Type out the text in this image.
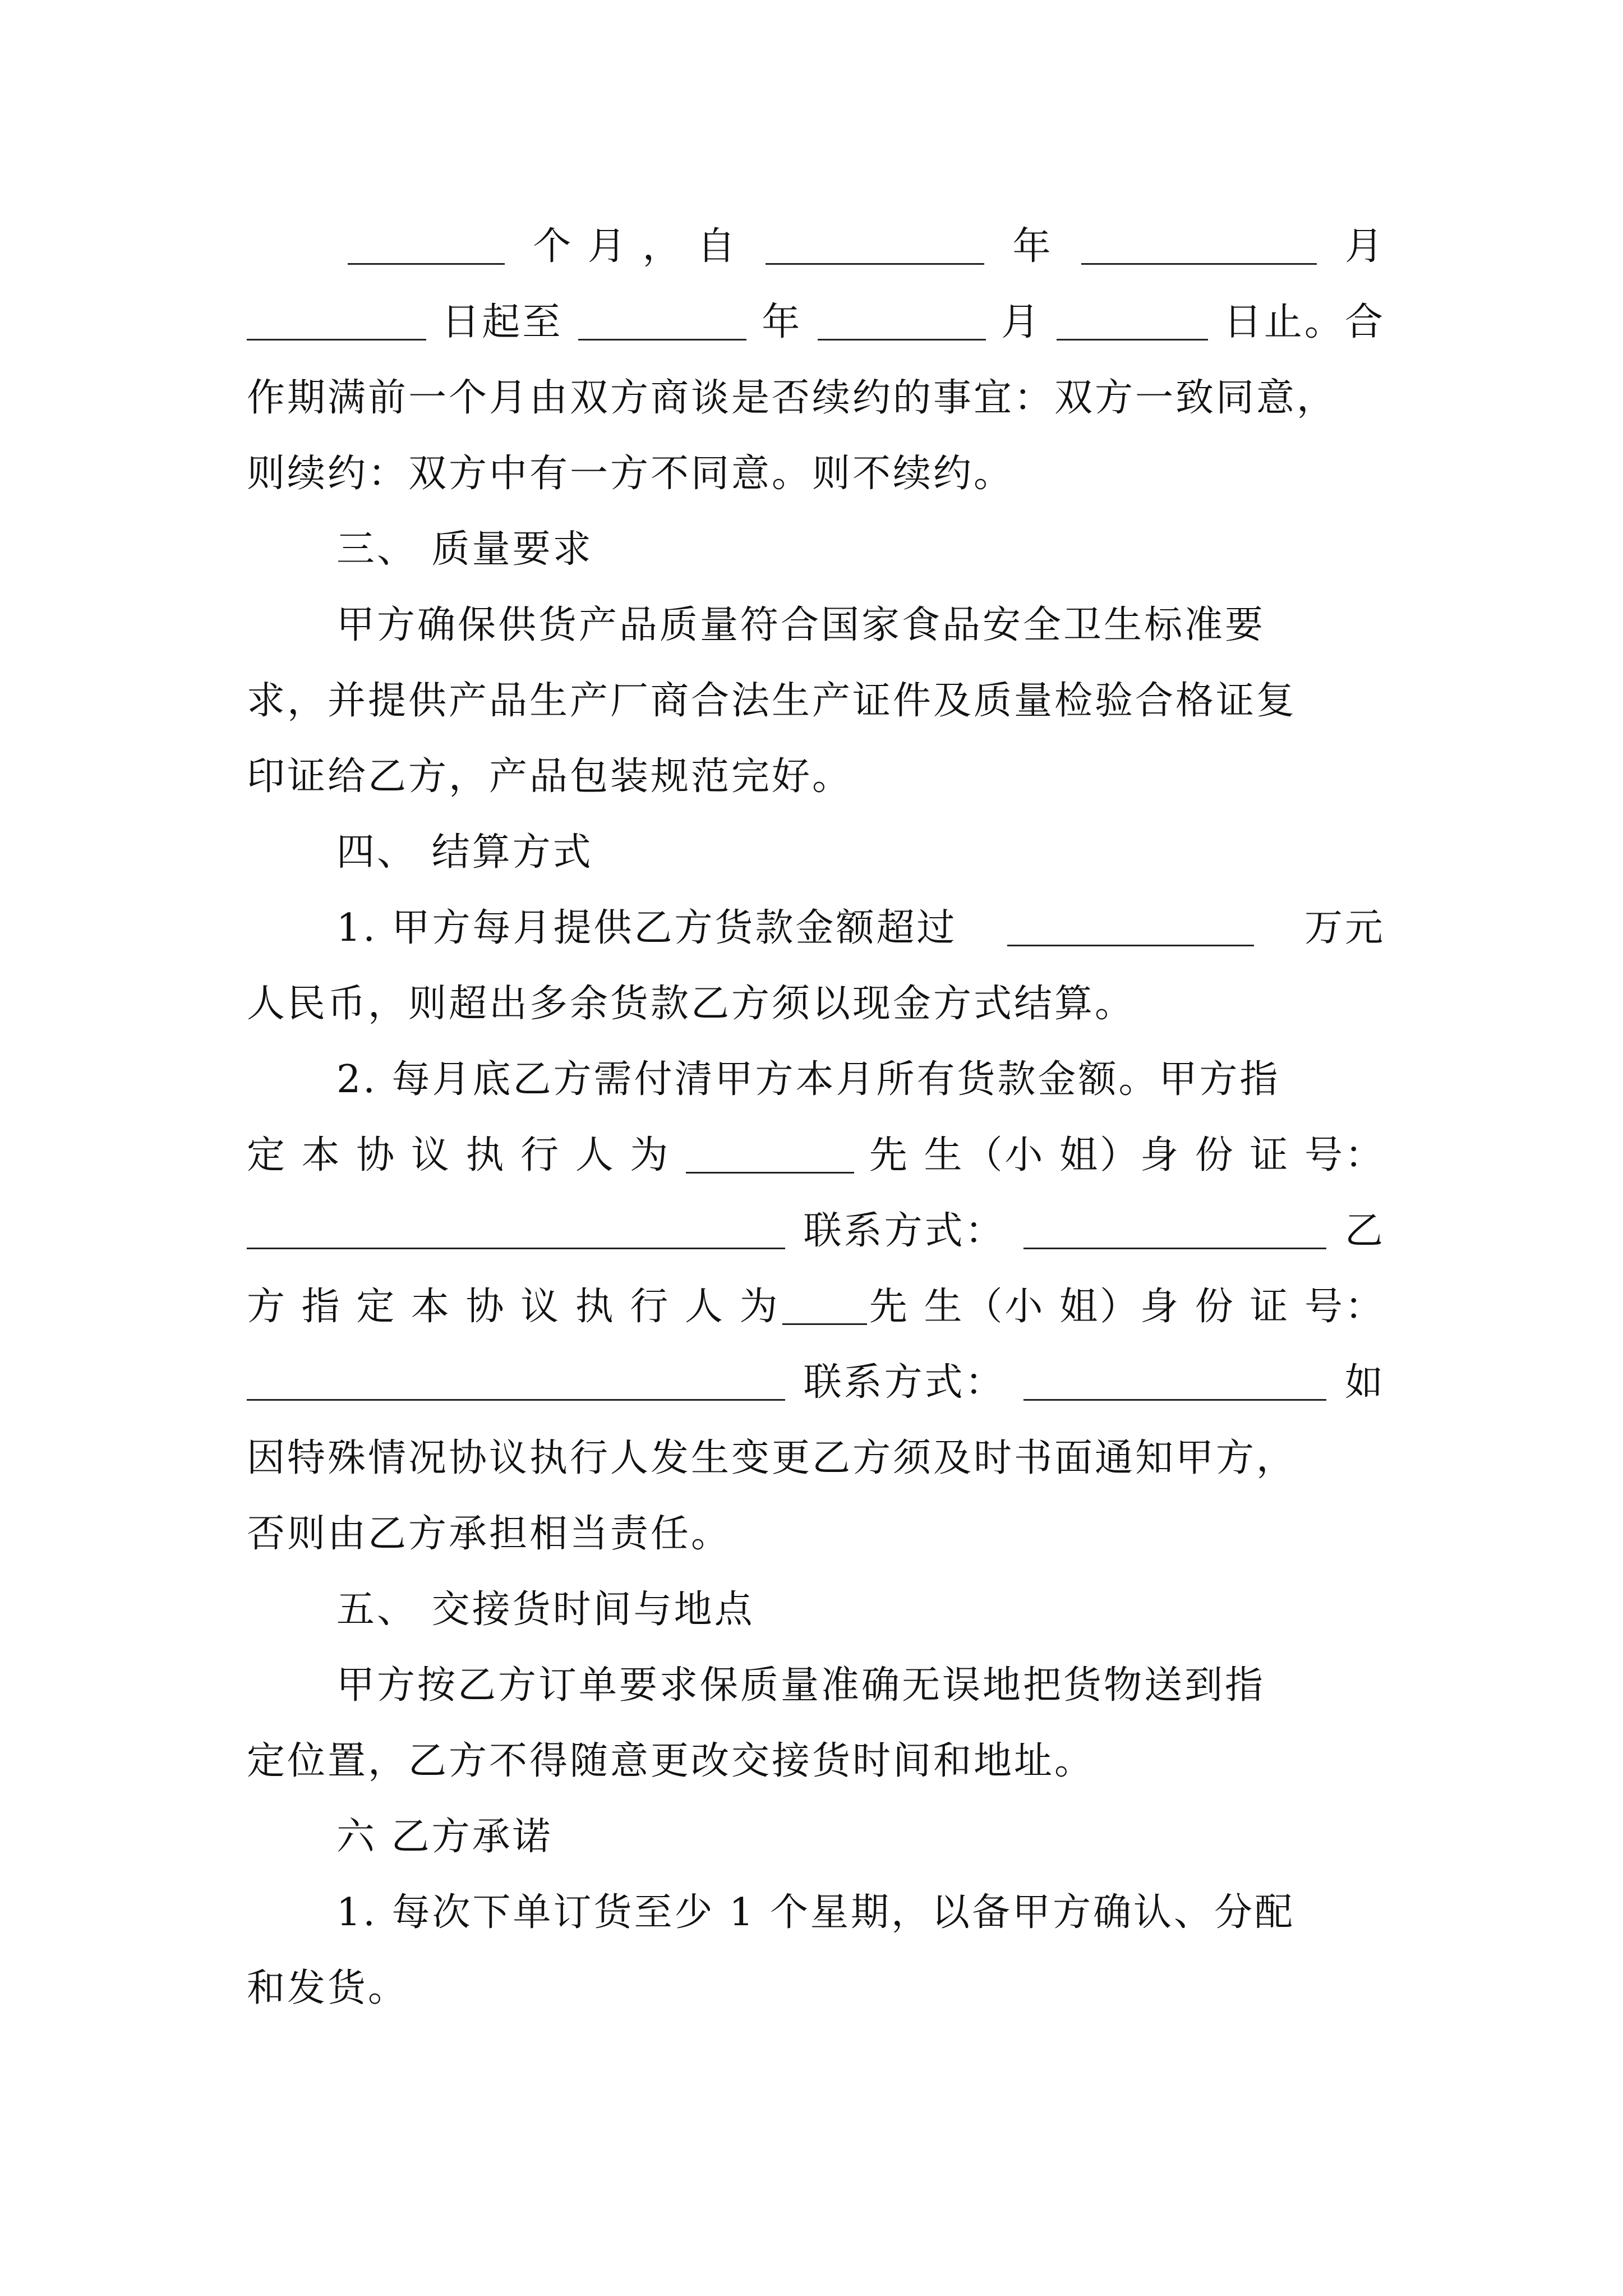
个 月 ， 自	年	月
日起至	年	月	日止。合
作期满前一个月由双方商谈是否续约的事宜：双方一致同意，
则续约：双方中有一方不同意。则不续约。
三、 质量要求
甲方确保供货产品质量符合国家食品安全卫生标准要
求，并提供产品生产厂商合法生产证件及质量检验合格证复
印证给乙方，产品包装规范完好。
四、 结算方式
1. 甲方每月提供乙方货款金额超过	万元
人民币，则超出多余货款乙方须以现金方式结算。
2. 每月底乙方需付清甲方本月所有货款金额。甲方指
定 本 协 议 执 行 人 为	先 生（小 姐）身 份 证 号：
联系方式：	乙
方 指 定 本 协 议 执 行 人 为 先 生（小 姐）身 份 证 号：
联系方式：	如
因特殊情况协议执行人发生变更乙方须及时书面通知甲方，
否则由乙方承担相当责任。
五、 交接货时间与地点
甲方按乙方订单要求保质量准确无误地把货物送到指
定位置，乙方不得随意更改交接货时间和地址。
六 乙方承诺
1. 每次下单订货至少 1 个星期，以备甲方确认、分配
和发货。
